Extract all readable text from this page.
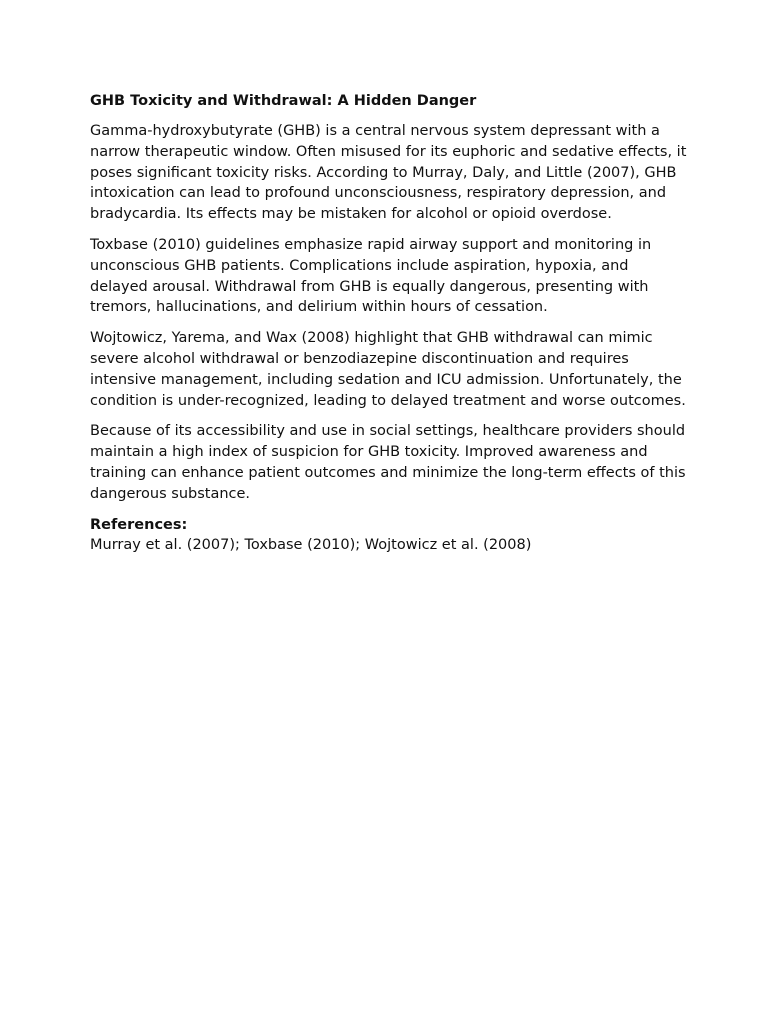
GHB Toxicity and Withdrawal: A Hidden Danger

Gamma-hydroxybutyrate (GHB) is a central nervous system depressant with a narrow therapeutic window. Often misused for its euphoric and sedative effects, it poses significant toxicity risks. According to Murray, Daly, and Little (2007), GHB intoxication can lead to profound unconsciousness, respiratory depression, and bradycardia. Its effects may be mistaken for alcohol or opioid overdose.

Toxbase (2010) guidelines emphasize rapid airway support and monitoring in unconscious GHB patients. Complications include aspiration, hypoxia, and delayed arousal. Withdrawal from GHB is equally dangerous, presenting with tremors, hallucinations, and delirium within hours of cessation.

Wojtowicz, Yarema, and Wax (2008) highlight that GHB withdrawal can mimic severe alcohol withdrawal or benzodiazepine discontinuation and requires intensive management, including sedation and ICU admission. Unfortunately, the condition is under-recognized, leading to delayed treatment and worse outcomes.

Because of its accessibility and use in social settings, healthcare providers should maintain a high index of suspicion for GHB toxicity. Improved awareness and training can enhance patient outcomes and minimize the long-term effects of this dangerous substance.

References:

Murray et al. (2007); Toxbase (2010); Wojtowicz et al. (2008)
